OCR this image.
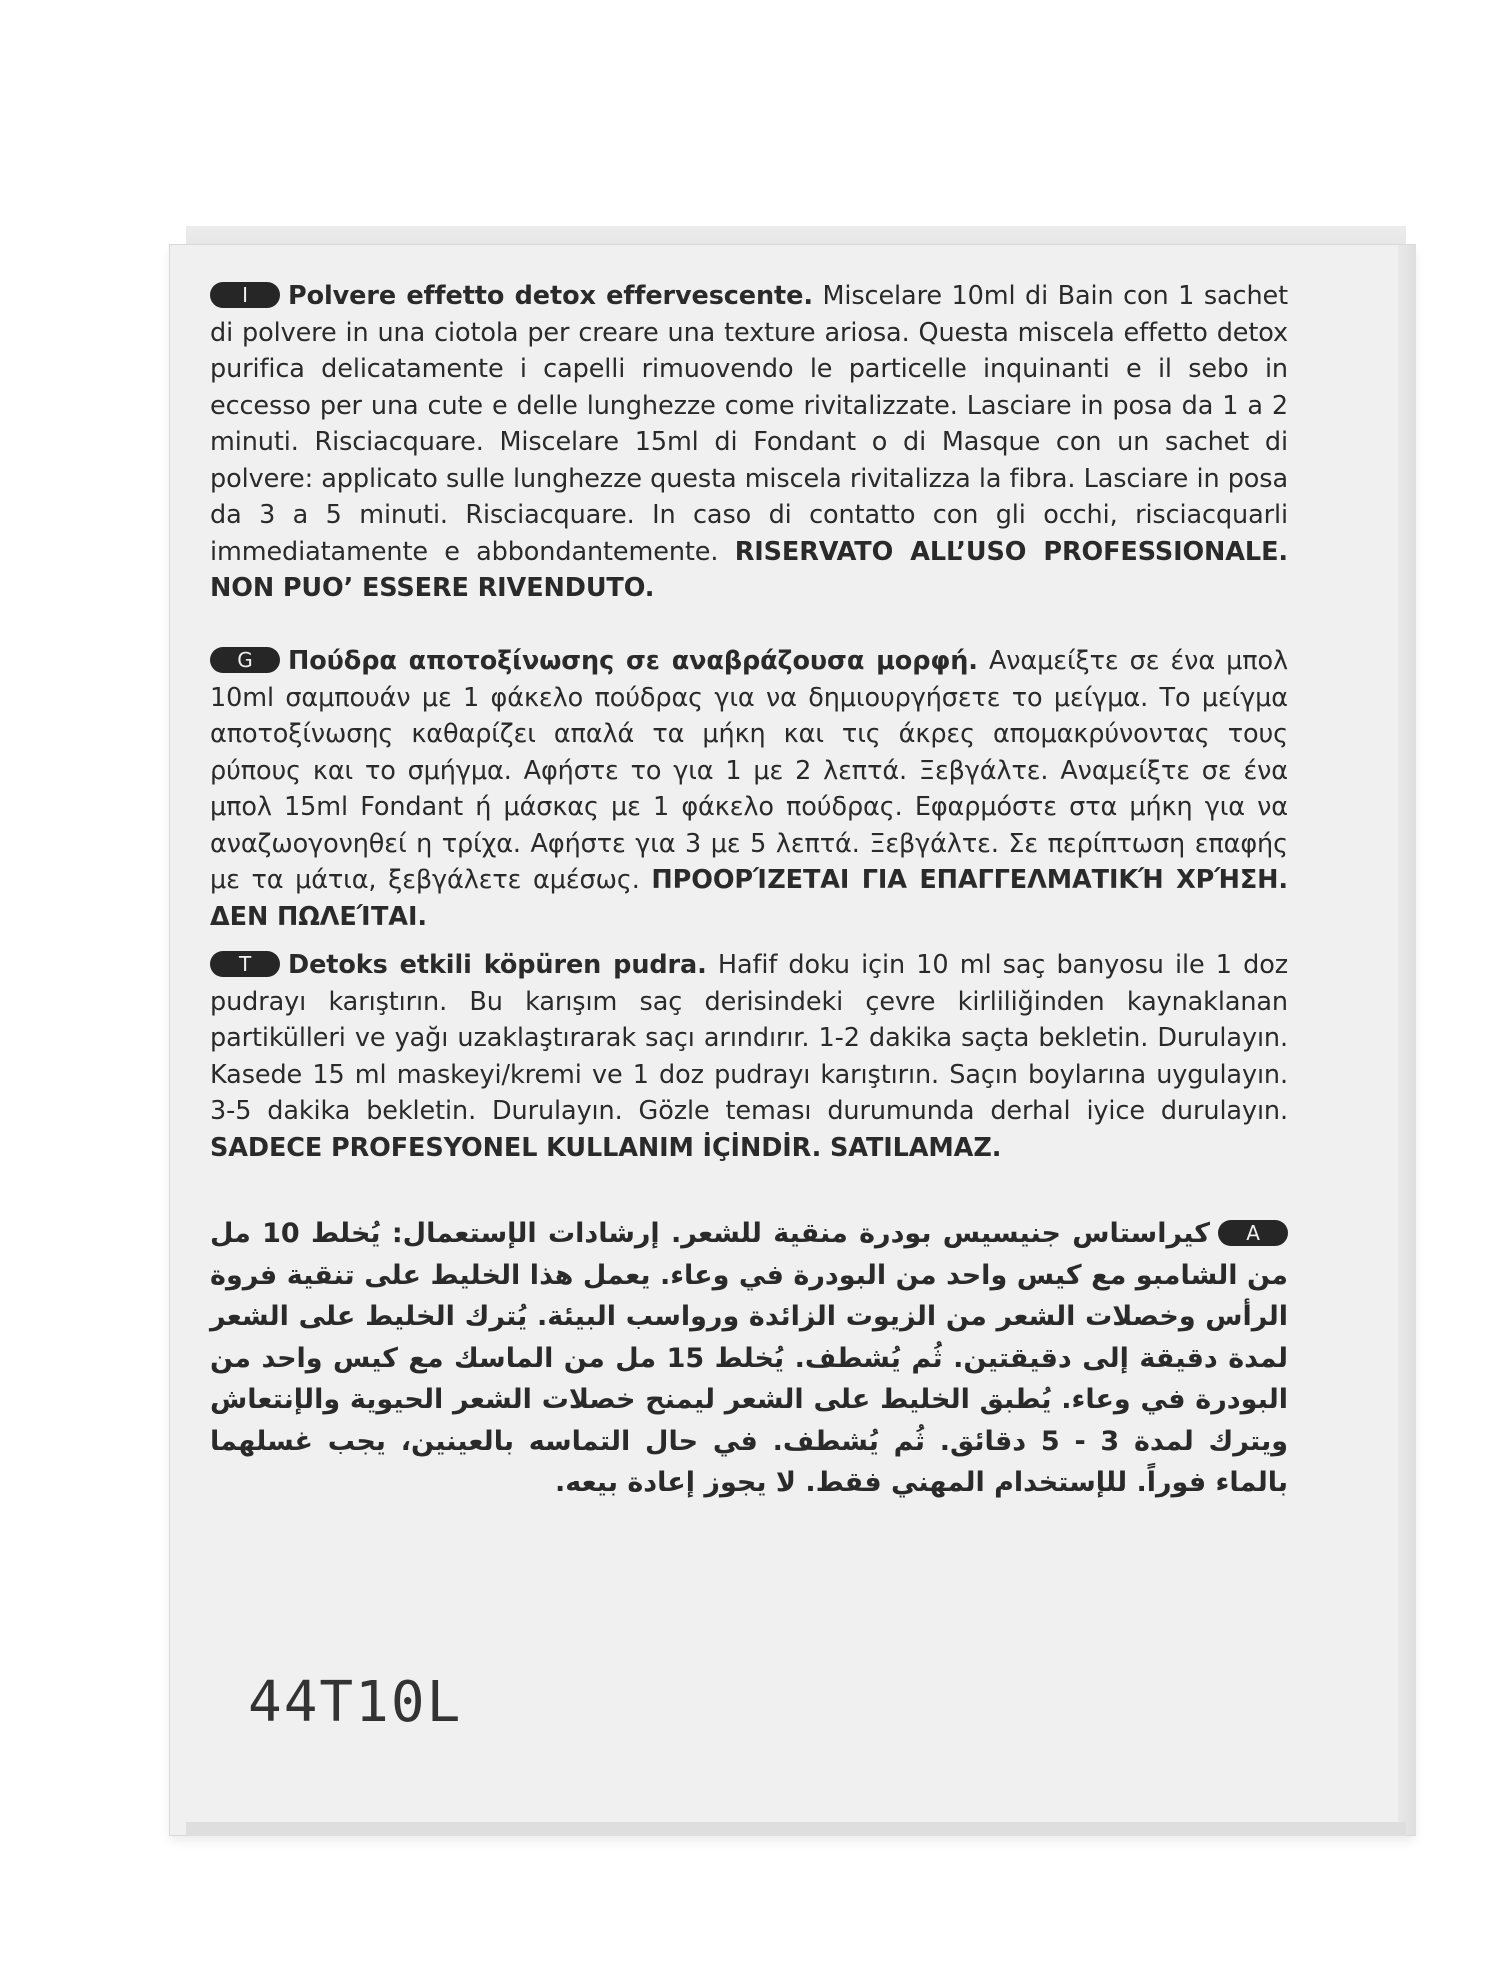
I Polvere effetto detox effervescente. Miscelare 10ml di Bain con 1 sachet di polvere in una ciotola per creare una texture ariosa. Questa miscela effetto detox purifica delicatamente i capelli rimuovendo le particelle inquinanti e il sebo in eccesso per una cute e delle lunghezze come rivitalizzate. Lasciare in posa da 1 a 2 minuti. Risciacquare. Miscelare 15ml di Fondant o di Masque con un sachet di polvere: applicato sulle lunghezze questa miscela rivitalizza la fibra. Lasciare in posa da 3 a 5 minuti. Risciacquare. In caso di contatto con gli occhi, risciacquarli immediatamente e abbondantemente. RISERVATO ALL’USO PROFESSIONALE. NON PUO’ ESSERE RIVENDUTO.
G Πούδρα αποτοξίνωσης σε αναβράζουσα μορφή. Αναμείξτε σε ένα μπολ 10ml σαμπουάν με 1 φάκελο πούδρας για να δημιουργήσετε το μείγμα. Το μείγμα αποτοξίνωσης καθαρίζει απαλά τα μήκη και τις άκρες απομακρύνοντας τους ρύπους και το σμήγμα. Αφήστε το για 1 με 2 λεπτά. Ξεβγάλτε. Αναμείξτε σε ένα μπολ 15ml Fondant ή μάσκας με 1 φάκελο πούδρας. Εφαρμόστε στα μήκη για να αναζωογονηθεί η τρίχα. Αφήστε για 3 με 5 λεπτά. Ξεβγάλτε. Σε περίπτωση επαφής με τα μάτια, ξεβγάλετε αμέσως. ΠΡΟΟΡΊΖΕΤΑΙ ΓΙΑ ΕΠΑΓΓΕΛΜΑΤΙΚΉ ΧΡΉΣΗ. ΔΕΝ ΠΩΛΕΊΤΑΙ.
T Detoks etkili köpüren pudra. Hafif doku için 10 ml saç banyosu ile 1 doz pudrayı karıştırın. Bu karışım saç derisindeki çevre kirliliğinden kaynaklanan partikülleri ve yağı uzaklaştırarak saçı arındırır. 1-2 dakika saçta bekletin. Durulayın. Kasede 15 ml maskeyi/kremi ve 1 doz pudrayı karıştırın. Saçın boylarına uygulayın. 3-5 dakika bekletin. Durulayın. Gözle teması durumunda derhal iyice durulayın. SADECE PROFESYONEL KULLANIM İÇİNDİR. SATILAMAZ.
Aكيراستاس جنيسيس بودرة منقية للشعر. إرشادات الإستعمال: يُخلط 10 مل من الشامبو مع كيس واحد من البودرة في وعاء. يعمل هذا الخليط على تنقية فروة الرأس وخصلات الشعر من الزيوت الزائدة ورواسب البيئة. يُترك الخليط على الشعر لمدة دقيقة إلى دقيقتين. ثُم يُشطف. يُخلط 15 مل من الماسك مع كيس واحد من البودرة في وعاء. يُطبق الخليط على الشعر ليمنح خصلات الشعر الحيوية والإنتعاش ويترك لمدة 3 - 5 دقائق. ثُم يُشطف. في حال التماسه بالعينين، يجب غسلهما بالماء فوراً. للإستخدام المهني فقط. لا يجوز إعادة بيعه.
44T10L
